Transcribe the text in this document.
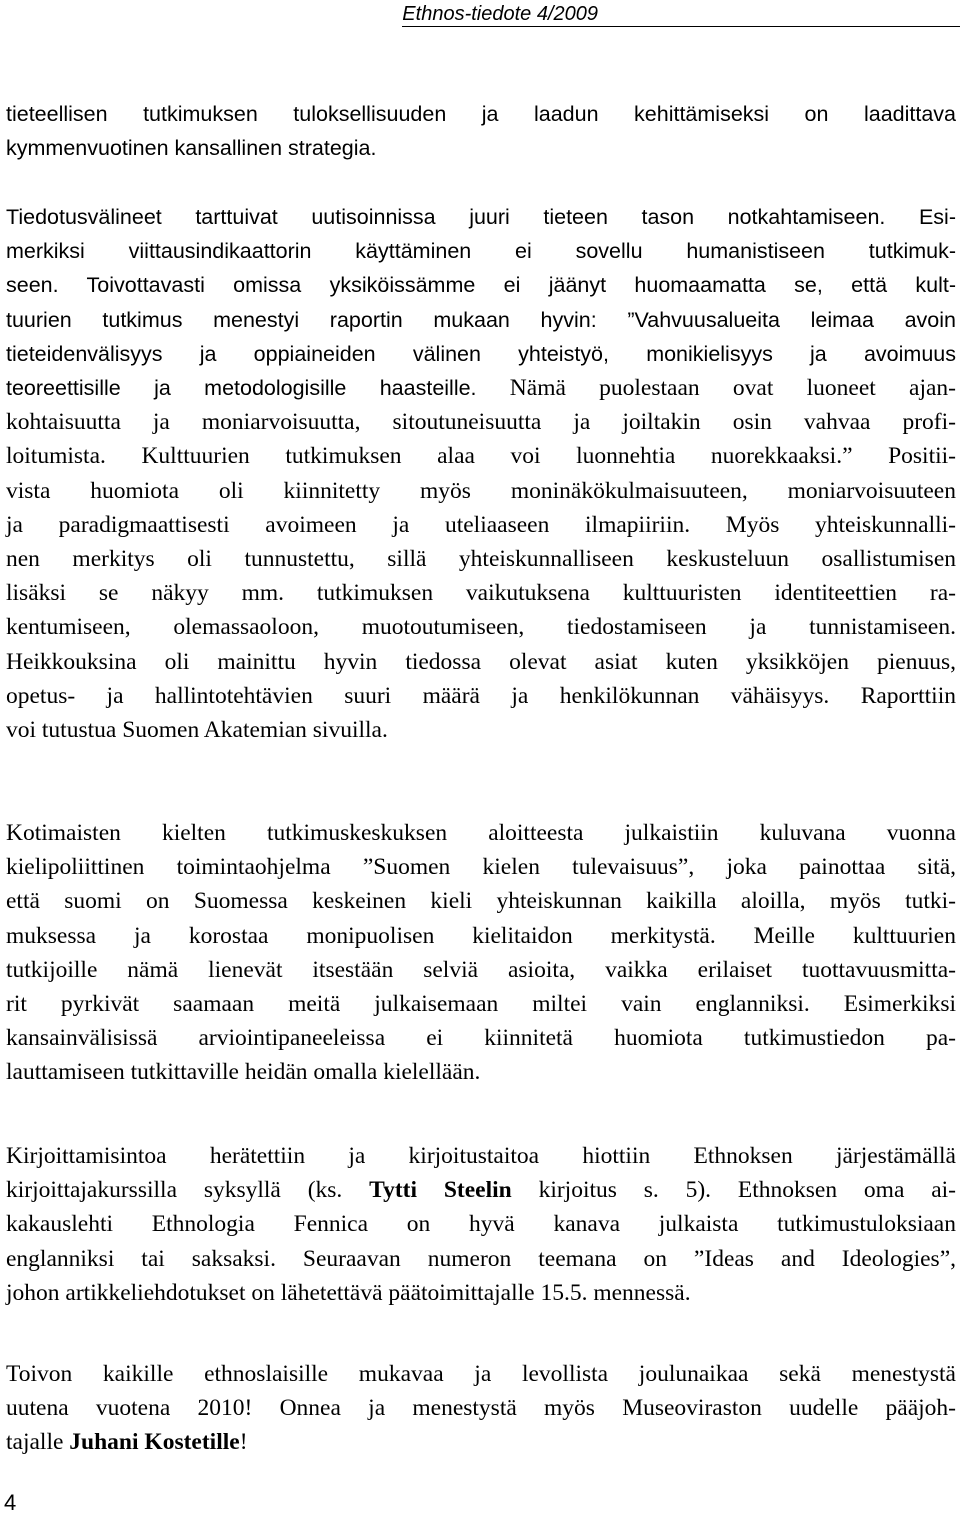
Ethnos-tiedote 4/2009
tieteellisen tutkimuksen tuloksellisuuden ja laadun kehittämiseksi on laadittava
kymmenvuotinen kansallinen strategia.
Tiedotusvälineet tarttuivat uutisoinnissa juuri tieteen tason notkahtamiseen. Esi-
merkiksi viittausindikaattorin käyttäminen ei sovellu humanistiseen tutkimuk-
seen. Toivottavasti omissa yksiköissämme ei jäänyt huomaamatta se, että kult-
tuurien tutkimus menestyi raportin mukaan hyvin: ”Vahvuusalueita leimaa avoin
tieteidenvälisyys ja oppiaineiden välinen yhteistyö, monikielisyys ja avoimuus
teoreettisille ja metodologisille haasteille. Nämä puolestaan ovat luoneet ajan-
kohtaisuutta ja moniarvoisuutta, sitoutuneisuutta ja joiltakin osin vahvaa profi-
loitumista. Kulttuurien tutkimuksen alaa voi luonnehtia nuorekkaaksi.” Positii-
vista huomiota oli kiinnitetty myös moninäkökulmaisuuteen, moniarvoisuuteen
ja paradigmaattisesti avoimeen ja uteliaaseen ilmapiiriin. Myös yhteiskunnalli-
nen merkitys oli tunnustettu, sillä yhteiskunnalliseen keskusteluun osallistumisen
lisäksi se näkyy mm. tutkimuksen vaikutuksena kulttuuristen identiteettien ra-
kentumiseen, olemassaoloon, muotoutumiseen, tiedostamiseen ja tunnistamiseen.
Heikkouksina oli mainittu hyvin tiedossa olevat asiat kuten yksikköjen pienuus,
opetus- ja hallintotehtävien suuri määrä ja henkilökunnan vähäisyys. Raporttiin
voi tutustua Suomen Akatemian sivuilla.
Kotimaisten kielten tutkimuskeskuksen aloitteesta julkaistiin kuluvana vuonna
kielipoliittinen toimintaohjelma ”Suomen kielen tulevaisuus”, joka painottaa sitä,
että suomi on Suomessa keskeinen kieli yhteiskunnan kaikilla aloilla, myös tutki-
muksessa ja korostaa monipuolisen kielitaidon merkitystä. Meille kulttuurien
tutkijoille nämä lienevät itsestään selviä asioita, vaikka erilaiset tuottavuusmitta-
rit pyrkivät saamaan meitä julkaisemaan miltei vain englanniksi. Esimerkiksi
kansainvälisissä arviointipaneeleissa ei kiinnitetä huomiota tutkimustiedon pa-
lauttamiseen tutkittaville heidän omalla kielellään.
Kirjoittamisintoa herätettiin ja kirjoitustaitoa hiottiin Ethnoksen järjestämällä
kirjoittajakurssilla syksyllä (ks. Tytti Steelin kirjoitus s. 5). Ethnoksen oma ai-
kakauslehti Ethnologia Fennica on hyvä kanava julkaista tutkimustuloksiaan
englanniksi tai saksaksi. Seuraavan numeron teemana on ”Ideas and Ideologies”,
johon artikkeliehdotukset on lähetettävä päätoimittajalle 15.5. mennessä.
Toivon kaikille ethnoslaisille mukavaa ja levollista joulunaikaa sekä menestystä
uutena vuotena 2010! Onnea ja menestystä myös Museoviraston uudelle pääjoh-
tajalle Juhani Kostetille!
4
